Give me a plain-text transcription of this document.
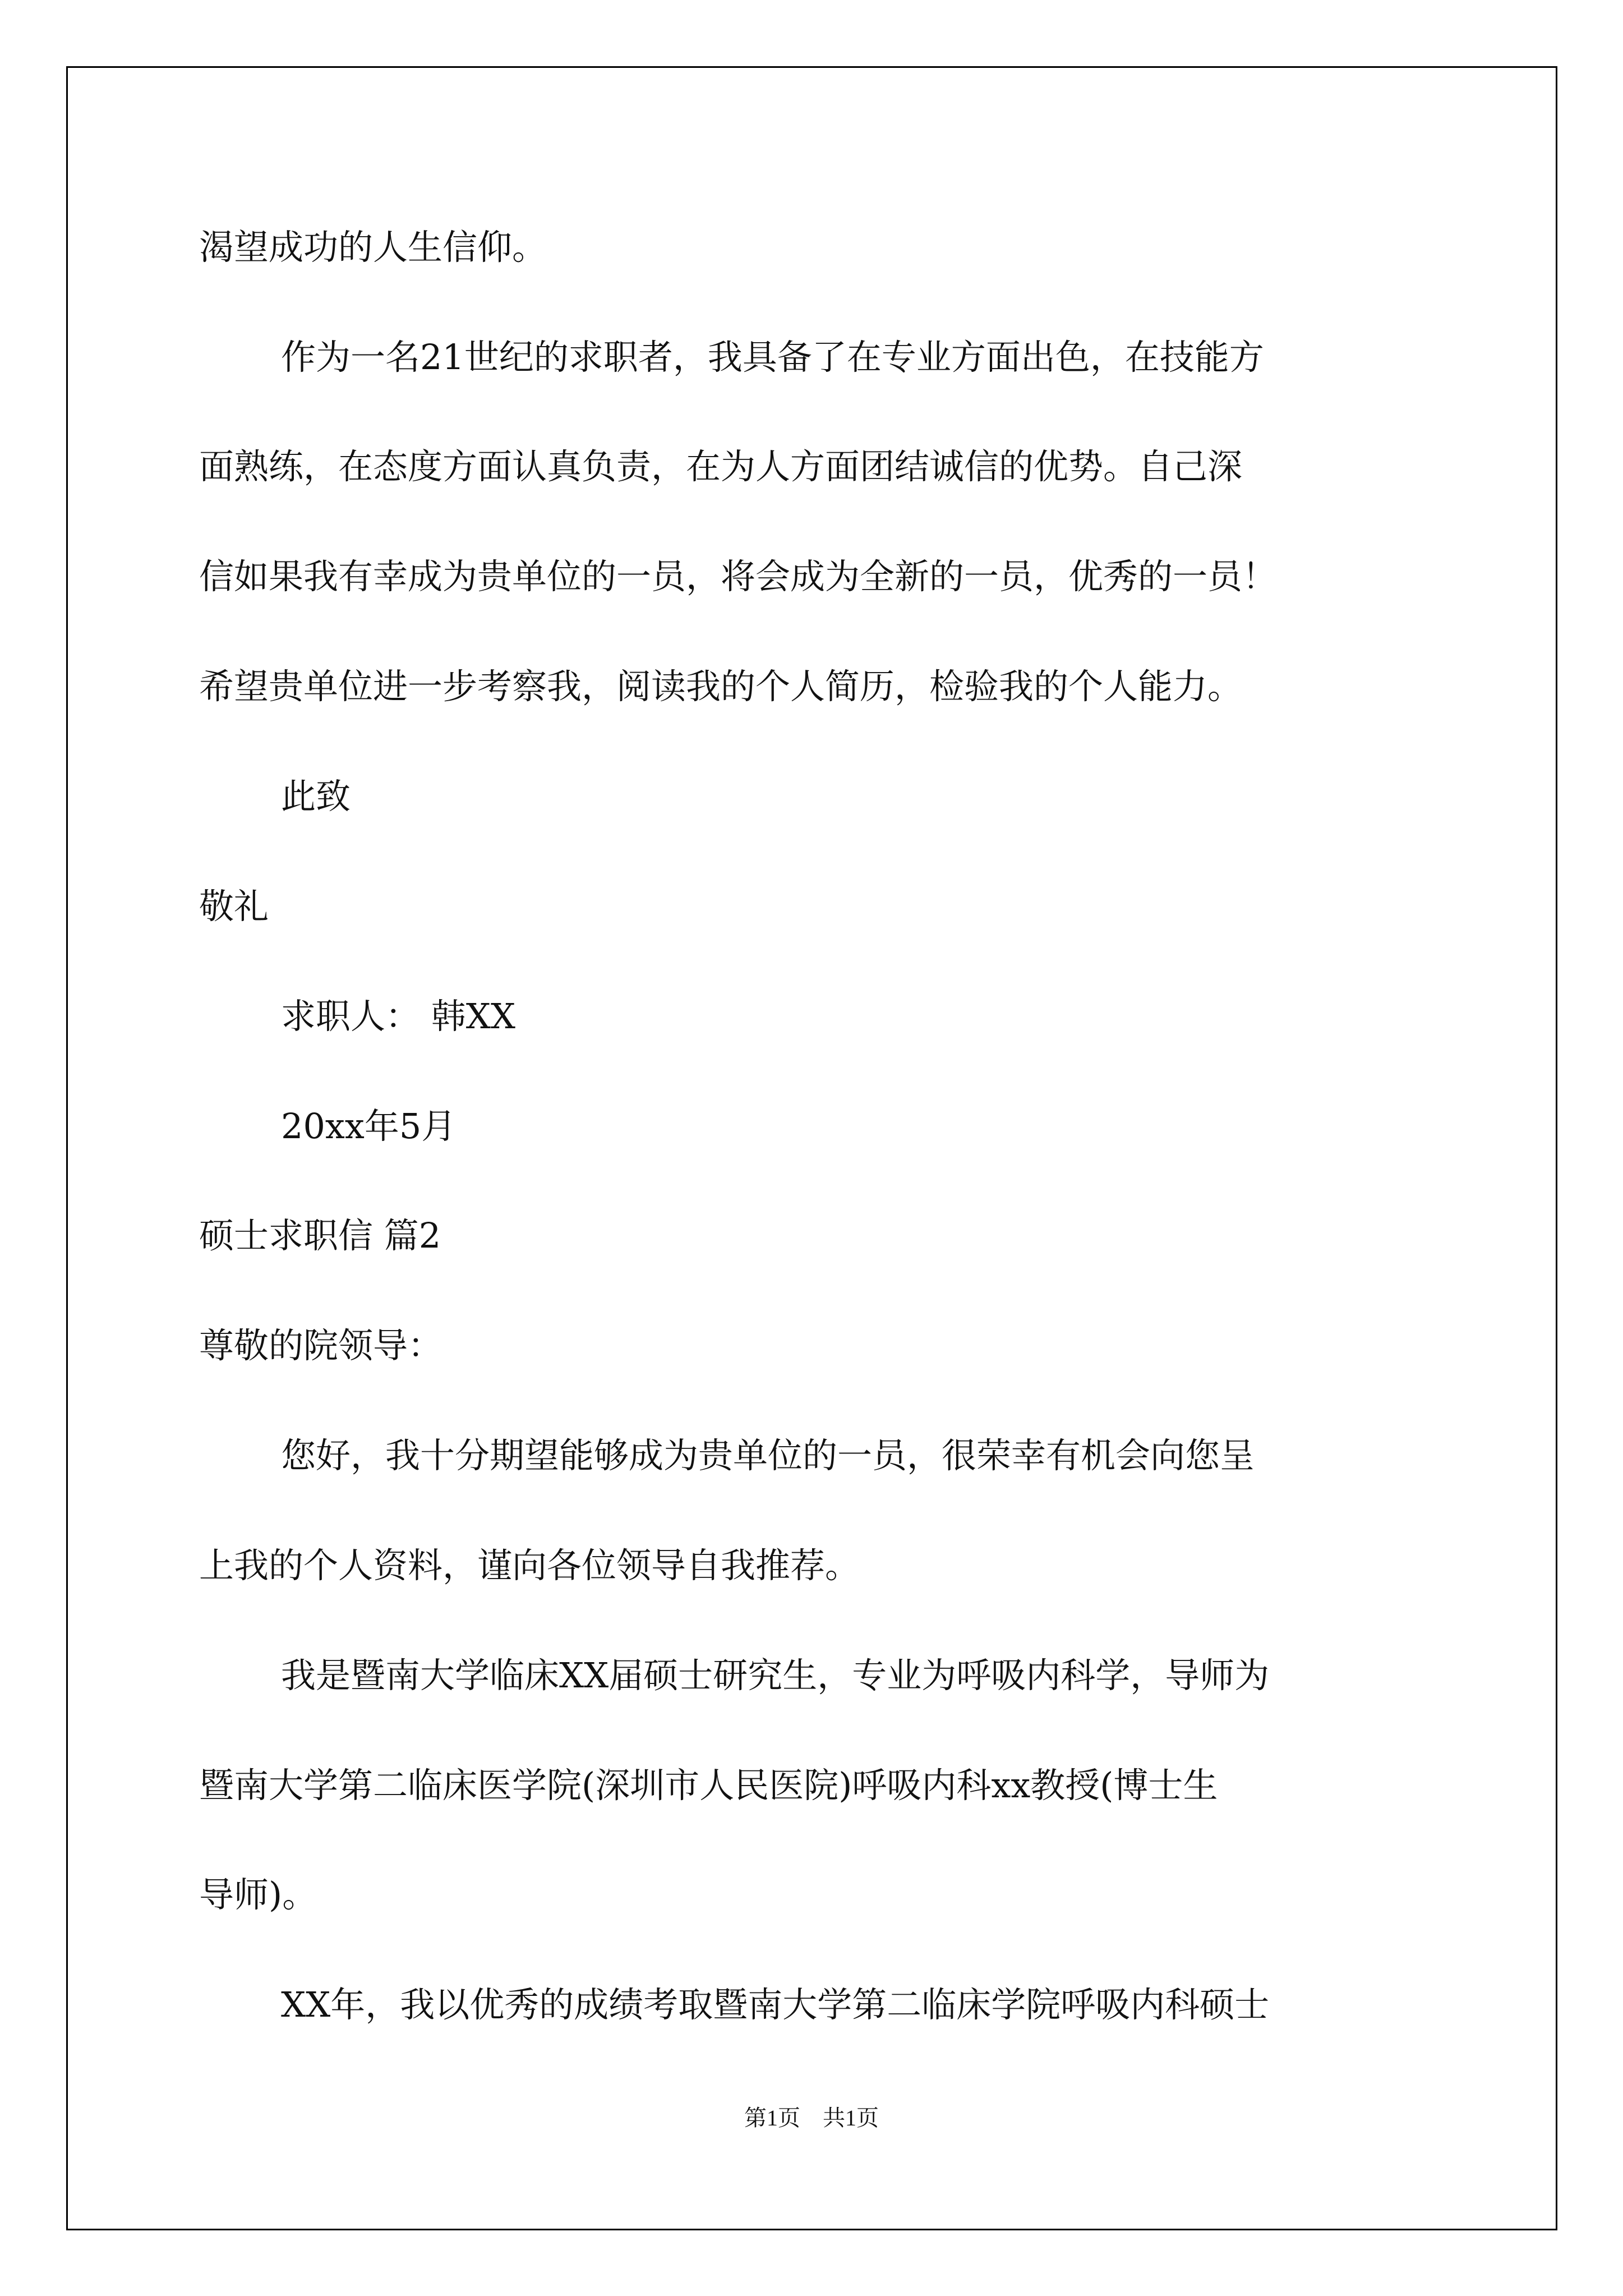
渴望成功的人生信仰。
作为一名21世纪的求职者，我具备了在专业方面出色，在技能方
面熟练，在态度方面认真负责，在为人方面团结诚信的优势。自己深
信如果我有幸成为贵单位的一员，将会成为全新的一员，优秀的一员！
希望贵单位进一步考察我，阅读我的个人简历，检验我的个人能力。
此致
敬礼
求职人： 韩XX
20xx年5月
硕士求职信 篇2
尊敬的院领导：
您好，我十分期望能够成为贵单位的一员，很荣幸有机会向您呈
上我的个人资料，谨向各位领导自我推荐。
我是暨南大学临床XX届硕士研究生，专业为呼吸内科学，导师为
暨南大学第二临床医学院(深圳市人民医院)呼吸内科xx教授(博士生
导师)。
XX年，我以优秀的成绩考取暨南大学第二临床学院呼吸内科硕士
第1页　共1页
